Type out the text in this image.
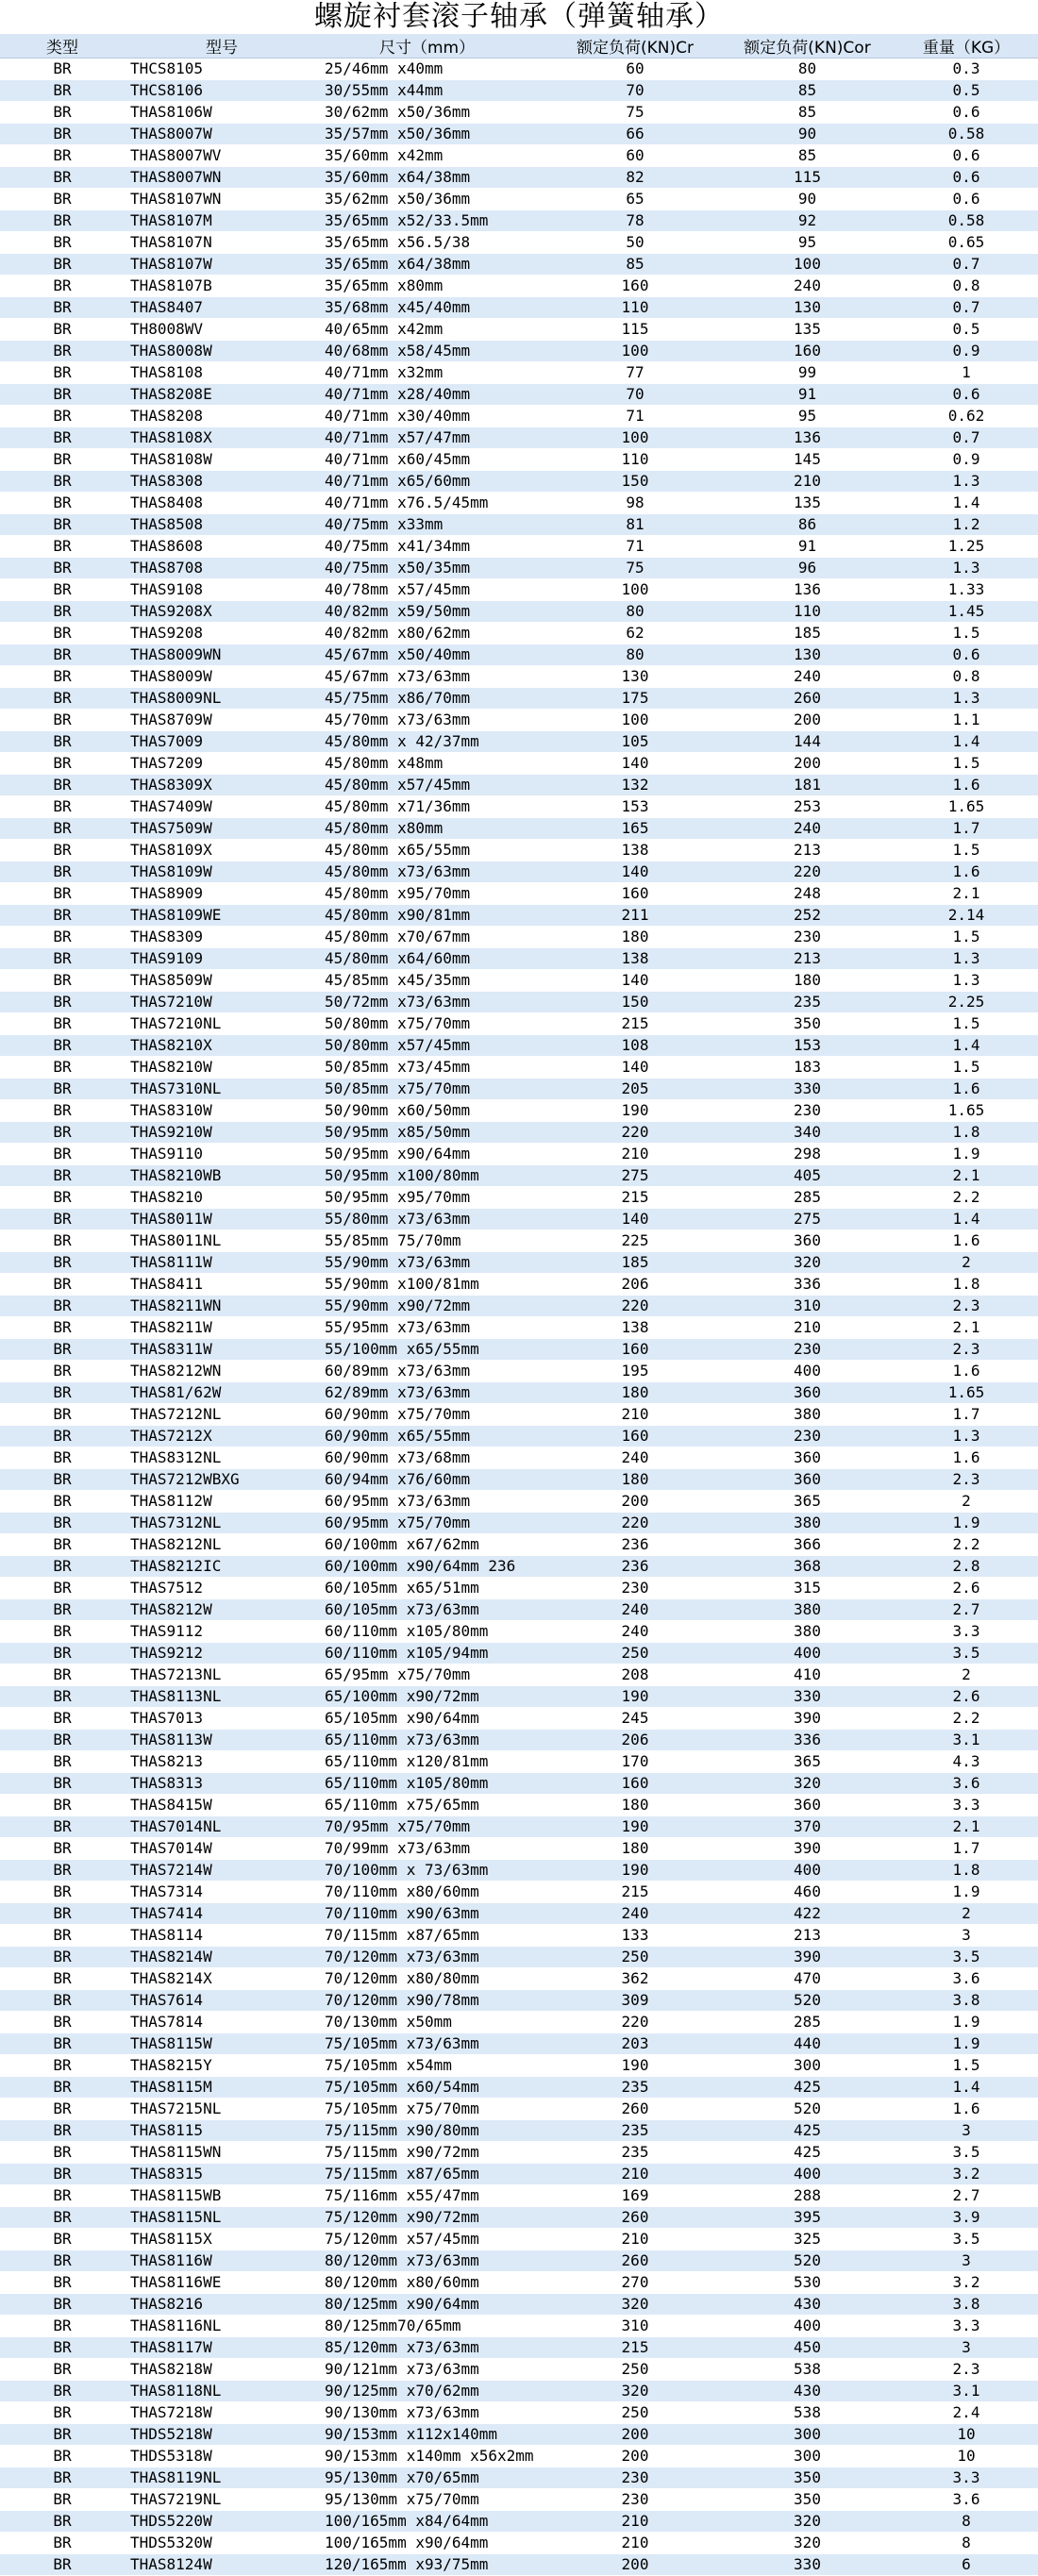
螺旋衬套滚子轴承（弹簧轴承）
类型	型号	尺寸（mm）	额定负荷(KN)Cr	额定负荷(KN)Cor	重量（KG）
BR	THCS8105	25/46mm x40mm	60	80	0.3
BR	THCS8106	30/55mm x44mm	70	85	0.5
BR	THAS8106W	30/62mm x50/36mm	75	85	0.6
BR	THAS8007W	35/57mm x50/36mm	66	90	0.58
BR	THAS8007WV	35/60mm x42mm	60	85	0.6
BR	THAS8007WN	35/60mm x64/38mm	82	115	0.6
BR	THAS8107WN	35/62mm x50/36mm	65	90	0.6
BR	THAS8107M	35/65mm x52/33.5mm	78	92	0.58
BR	THAS8107N	35/65mm x56.5/38	50	95	0.65
BR	THAS8107W	35/65mm x64/38mm	85	100	0.7
BR	THAS8107B	35/65mm x80mm	160	240	0.8
BR	THAS8407	35/68mm x45/40mm	110	130	0.7
BR	TH8008WV	40/65mm x42mm	115	135	0.5
BR	THAS8008W	40/68mm x58/45mm	100	160	0.9
BR	THAS8108	40/71mm x32mm	77	99	1
BR	THAS8208E	40/71mm x28/40mm	70	91	0.6
BR	THAS8208	40/71mm x30/40mm	71	95	0.62
BR	THAS8108X	40/71mm x57/47mm	100	136	0.7
BR	THAS8108W	40/71mm x60/45mm	110	145	0.9
BR	THAS8308	40/71mm x65/60mm	150	210	1.3
BR	THAS8408	40/71mm x76.5/45mm	98	135	1.4
BR	THAS8508	40/75mm x33mm	81	86	1.2
BR	THAS8608	40/75mm x41/34mm	71	91	1.25
BR	THAS8708	40/75mm x50/35mm	75	96	1.3
BR	THAS9108	40/78mm x57/45mm	100	136	1.33
BR	THAS9208X	40/82mm x59/50mm	80	110	1.45
BR	THAS9208	40/82mm x80/62mm	62	185	1.5
BR	THAS8009WN	45/67mm x50/40mm	80	130	0.6
BR	THAS8009W	45/67mm x73/63mm	130	240	0.8
BR	THAS8009NL	45/75mm x86/70mm	175	260	1.3
BR	THAS8709W	45/70mm x73/63mm	100	200	1.1
BR	THAS7009	45/80mm x 42/37mm	105	144	1.4
BR	THAS7209	45/80mm x48mm	140	200	1.5
BR	THAS8309X	45/80mm x57/45mm	132	181	1.6
BR	THAS7409W	45/80mm x71/36mm	153	253	1.65
BR	THAS7509W	45/80mm x80mm	165	240	1.7
BR	THAS8109X	45/80mm x65/55mm	138	213	1.5
BR	THAS8109W	45/80mm x73/63mm	140	220	1.6
BR	THAS8909	45/80mm x95/70mm	160	248	2.1
BR	THAS8109WE	45/80mm x90/81mm	211	252	2.14
BR	THAS8309	45/80mm x70/67mm	180	230	1.5
BR	THAS9109	45/80mm x64/60mm	138	213	1.3
BR	THAS8509W	45/85mm x45/35mm	140	180	1.3
BR	THAS7210W	50/72mm x73/63mm	150	235	2.25
BR	THAS7210NL	50/80mm x75/70mm	215	350	1.5
BR	THAS8210X	50/80mm x57/45mm	108	153	1.4
BR	THAS8210W	50/85mm x73/45mm	140	183	1.5
BR	THAS7310NL	50/85mm x75/70mm	205	330	1.6
BR	THAS8310W	50/90mm x60/50mm	190	230	1.65
BR	THAS9210W	50/95mm x85/50mm	220	340	1.8
BR	THAS9110	50/95mm x90/64mm	210	298	1.9
BR	THAS8210WB	50/95mm x100/80mm	275	405	2.1
BR	THAS8210	50/95mm x95/70mm	215	285	2.2
BR	THAS8011W	55/80mm x73/63mm	140	275	1.4
BR	THAS8011NL	55/85mm 75/70mm	225	360	1.6
BR	THAS8111W	55/90mm x73/63mm	185	320	2
BR	THAS8411	55/90mm x100/81mm	206	336	1.8
BR	THAS8211WN	55/90mm x90/72mm	220	310	2.3
BR	THAS8211W	55/95mm x73/63mm	138	210	2.1
BR	THAS8311W	55/100mm x65/55mm	160	230	2.3
BR	THAS8212WN	60/89mm x73/63mm	195	400	1.6
BR	THAS81/62W	62/89mm x73/63mm	180	360	1.65
BR	THAS7212NL	60/90mm x75/70mm	210	380	1.7
BR	THAS7212X	60/90mm x65/55mm	160	230	1.3
BR	THAS8312NL	60/90mm x73/68mm	240	360	1.6
BR	THAS7212WBXG	60/94mm x76/60mm	180	360	2.3
BR	THAS8112W	60/95mm x73/63mm	200	365	2
BR	THAS7312NL	60/95mm x75/70mm	220	380	1.9
BR	THAS8212NL	60/100mm x67/62mm	236	366	2.2
BR	THAS8212IC	60/100mm x90/64mm 236	236	368	2.8
BR	THAS7512	60/105mm x65/51mm	230	315	2.6
BR	THAS8212W	60/105mm x73/63mm	240	380	2.7
BR	THAS9112	60/110mm x105/80mm	240	380	3.3
BR	THAS9212	60/110mm x105/94mm	250	400	3.5
BR	THAS7213NL	65/95mm x75/70mm	208	410	2
BR	THAS8113NL	65/100mm x90/72mm	190	330	2.6
BR	THAS7013	65/105mm x90/64mm	245	390	2.2
BR	THAS8113W	65/110mm x73/63mm	206	336	3.1
BR	THAS8213	65/110mm x120/81mm	170	365	4.3
BR	THAS8313	65/110mm x105/80mm	160	320	3.6
BR	THAS8415W	65/110mm x75/65mm	180	360	3.3
BR	THAS7014NL	70/95mm x75/70mm	190	370	2.1
BR	THAS7014W	70/99mm x73/63mm	180	390	1.7
BR	THAS7214W	70/100mm x 73/63mm	190	400	1.8
BR	THAS7314	70/110mm x80/60mm	215	460	1.9
BR	THAS7414	70/110mm x90/63mm	240	422	2
BR	THAS8114	70/115mm x87/65mm	133	213	3
BR	THAS8214W	70/120mm x73/63mm	250	390	3.5
BR	THAS8214X	70/120mm x80/80mm	362	470	3.6
BR	THAS7614	70/120mm x90/78mm	309	520	3.8
BR	THAS7814	70/130mm x50mm	220	285	1.9
BR	THAS8115W	75/105mm x73/63mm	203	440	1.9
BR	THAS8215Y	75/105mm x54mm	190	300	1.5
BR	THAS8115M	75/105mm x60/54mm	235	425	1.4
BR	THAS7215NL	75/105mm x75/70mm	260	520	1.6
BR	THAS8115	75/115mm x90/80mm	235	425	3
BR	THAS8115WN	75/115mm x90/72mm	235	425	3.5
BR	THAS8315	75/115mm x87/65mm	210	400	3.2
BR	THAS8115WB	75/116mm x55/47mm	169	288	2.7
BR	THAS8115NL	75/120mm x90/72mm	260	395	3.9
BR	THAS8115X	75/120mm x57/45mm	210	325	3.5
BR	THAS8116W	80/120mm x73/63mm	260	520	3
BR	THAS8116WE	80/120mm x80/60mm	270	530	3.2
BR	THAS8216	80/125mm x90/64mm	320	430	3.8
BR	THAS8116NL	80/125mm70/65mm	310	400	3.3
BR	THAS8117W	85/120mm x73/63mm	215	450	3
BR	THAS8218W	90/121mm x73/63mm	250	538	2.3
BR	THAS8118NL	90/125mm x70/62mm	320	430	3.1
BR	THAS7218W	90/130mm x73/63mm	250	538	2.4
BR	THDS5218W	90/153mm x112x140mm	200	300	10
BR	THDS5318W	90/153mm x140mm x56x2mm	200	300	10
BR	THAS8119NL	95/130mm x70/65mm	230	350	3.3
BR	THAS7219NL	95/130mm x75/70mm	230	350	3.6
BR	THDS5220W	100/165mm x84/64mm	210	320	8
BR	THDS5320W	100/165mm x90/64mm	210	320	8
BR	THAS8124W	120/165mm x93/75mm	200	330	6
